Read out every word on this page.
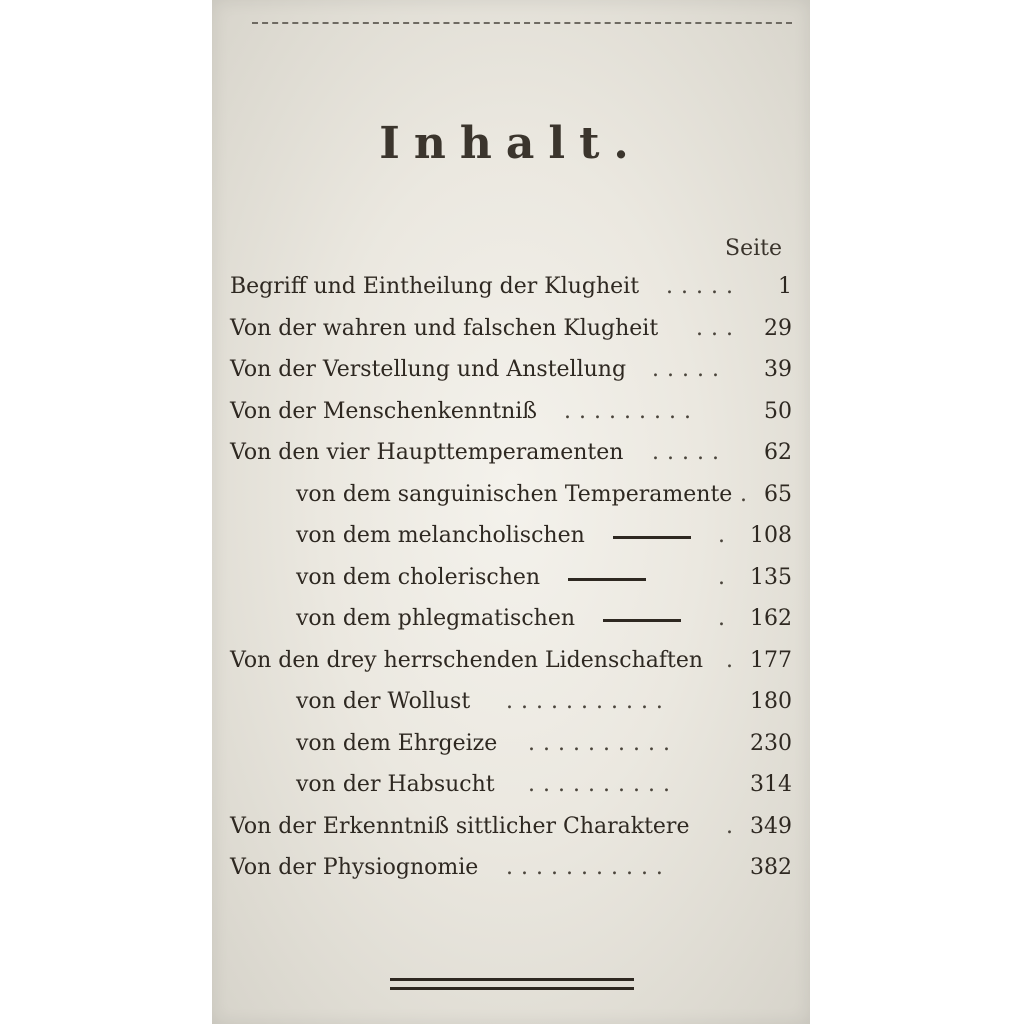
Inhalt.
Seite
Begriff und Eintheilung der Klugheit	1
.....
Von der wahren und falschen Klugheit	29
...
Von der Verstellung und Anstellung	39
.....
Von der Menschenkenntniß	50
.........
Von den vier Haupttemperamenten	62
.....
von dem sanguinischen Temperamente 65
.
von dem melancholischen	108
.
von dem cholerischen	135
.
von dem phlegmatischen	162
.
Von den drey herrschenden Lidenschaften 177
.
von der Wollust	180
...........
von dem Ehrgeize	230
..........
von der Habsucht	314
..........
Von der Erkenntniß sittlicher Charaktere	349
.
Von der Physiognomie	382
...........
